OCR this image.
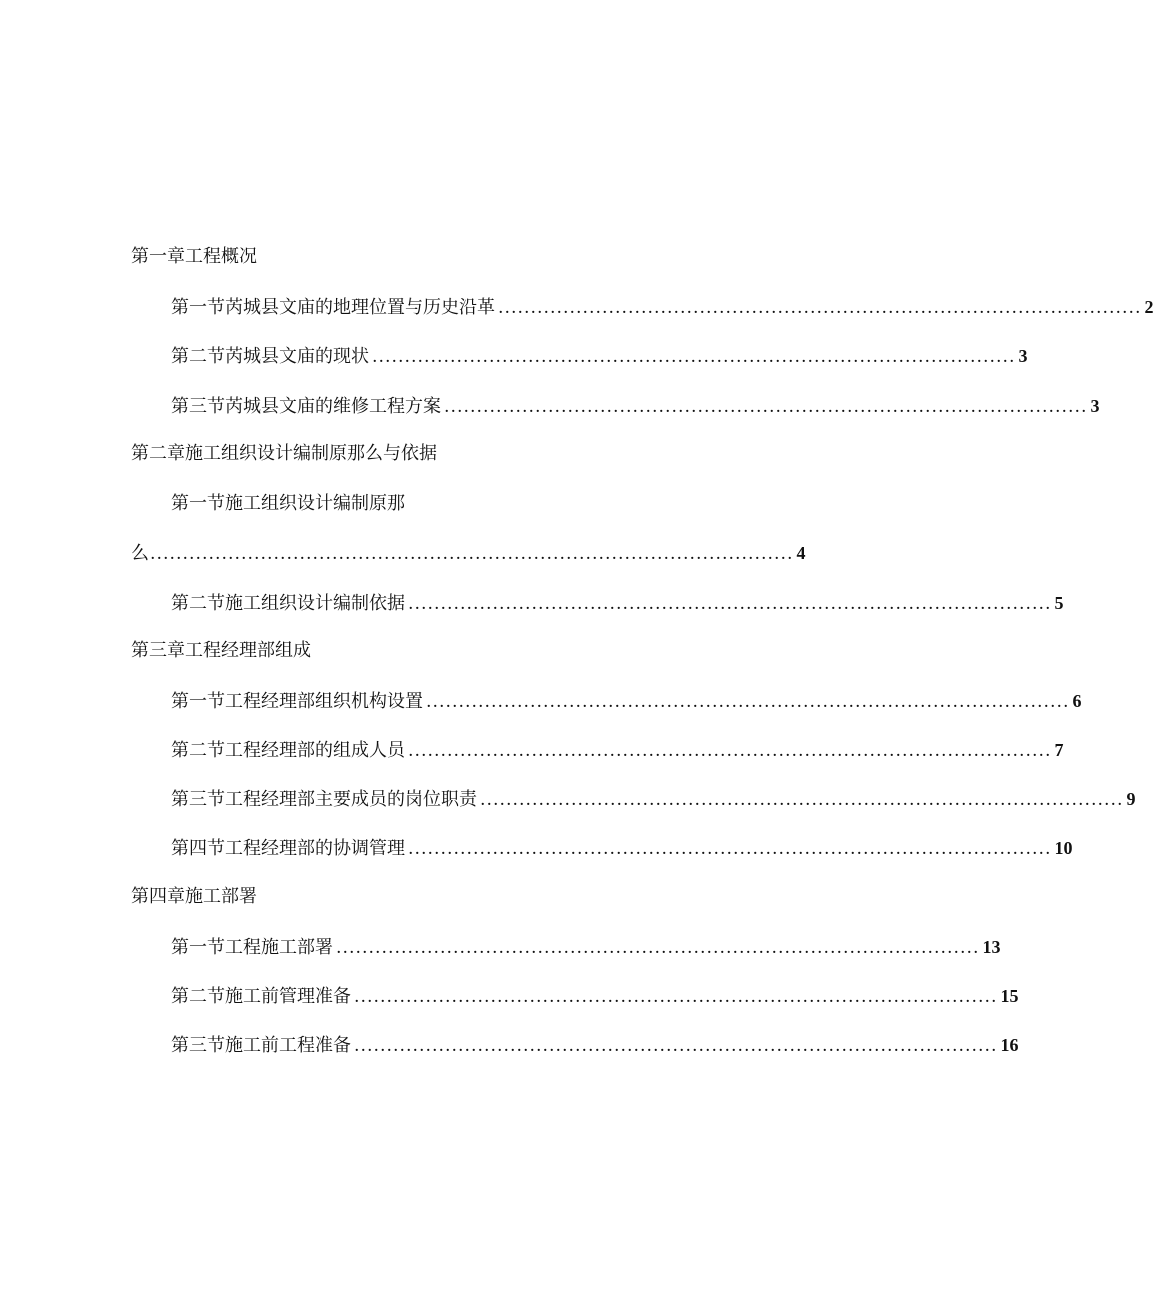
第一章工程概况
第一节 芮城县文庙的地理位置与历史沿革 ................................................................................................... 2
第二节 芮城县文庙的现状 ................................................................................................... 3
第三节 芮城县文庙的维修工程方案 ................................................................................................... 3
第二章施工组织设计编制原那么与依据
第一节施工组织设计编制原那
么 ................................................................................................... 4
第二节 施工组织设计编制依据 ................................................................................................... 5
第三章工程经理部组成
第一节 工程经理部组织机构设置 ................................................................................................... 6
第二节 工程经理部的组成人员 ................................................................................................... 7
第三节 工程经理部主要成员的岗位职责 ................................................................................................... 9
第四节 工程经理部的协调管理 ................................................................................................... 10
第四章施工部署
第一节 工程施工部署 ................................................................................................... 13
第二节 施工前管理准备 ................................................................................................... 15
第三节 施工前工程准备 ................................................................................................... 16
